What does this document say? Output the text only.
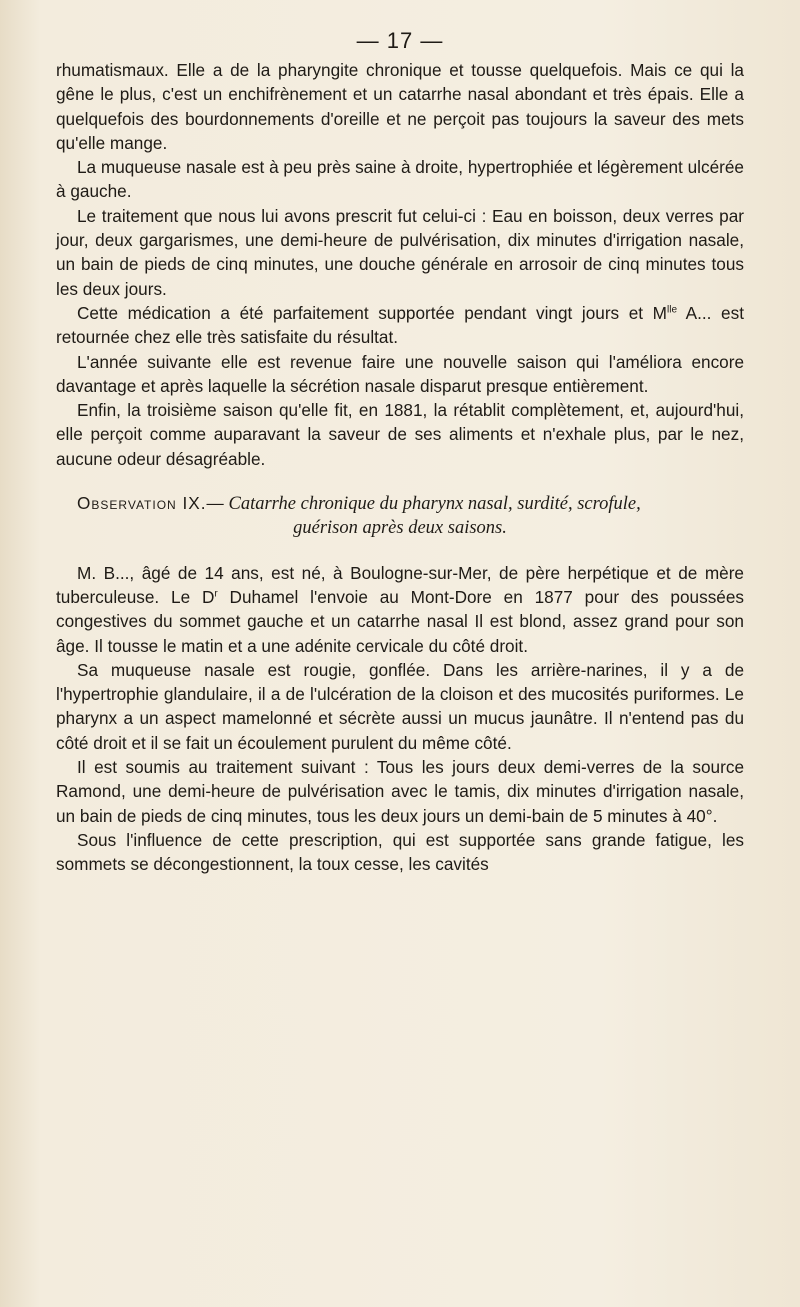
— 17 —

rhumatismaux. Elle a de la pharyngite chronique et tousse quelquefois. Mais ce qui la gêne le plus, c'est un enchifrènement et un catarrhe nasal abondant et très épais. Elle a quelquefois des bourdonnements d'oreille et ne perçoit pas toujours la saveur des mets qu'elle mange.

La muqueuse nasale est à peu près saine à droite, hypertrophiée et légèrement ulcérée à gauche.

Le traitement que nous lui avons prescrit fut celui-ci : Eau en boisson, deux verres par jour, deux gargarismes, une demi-heure de pulvérisation, dix minutes d'irrigation nasale, un bain de pieds de cinq minutes, une douche générale en arrosoir de cinq minutes tous les deux jours.

Cette médication a été parfaitement supportée pendant vingt jours et $M^{lle}$ A... est retournée chez elle très satisfaite du résultat.

L'année suivante elle est revenue faire une nouvelle saison qui l'améliora encore davantage et après laquelle la sécrétion nasale disparut presque entièrement.

Enfin, la troisième saison qu'elle fit, en 1881, la rétablit complètement, et, aujourd'hui, elle perçoit comme auparavant la saveur de ses aliments et n'exhale plus, par le nez, aucune odeur désagréable.

Observation IX.— Catarrhe chronique du pharynx nasal, surdité, scrofule,
guérison après deux saisons.

M. B..., âgé de 14 ans, est né, à Boulogne-sur-Mer, de père herpétique et de mère tuberculeuse. Le $D^r$ Duhamel l'envoie au Mont-Dore en 1877 pour des poussées congestives du sommet gauche et un catarrhe nasal Il est blond, assez grand pour son âge. Il tousse le matin et a une adénite cervicale du côté droit.

Sa muqueuse nasale est rougie, gonflée. Dans les arrière-narines, il y a de l'hypertrophie glandulaire, il a de l'ulcération de la cloison et des mucosités puriformes. Le pharynx a un aspect mamelonné et sécrète aussi un mucus jaunâtre. Il n'entend pas du côté droit et il se fait un écoulement purulent du même côté.

Il est soumis au traitement suivant : Tous les jours deux demi-verres de la source Ramond, une demi-heure de pulvérisation avec le tamis, dix minutes d'irrigation nasale, un bain de pieds de cinq minutes, tous les deux jours un demi-bain de 5 minutes à 40°.

Sous l'influence de cette prescription, qui est supportée sans grande fatigue, les sommets se décongestionnent, la toux cesse, les cavités
